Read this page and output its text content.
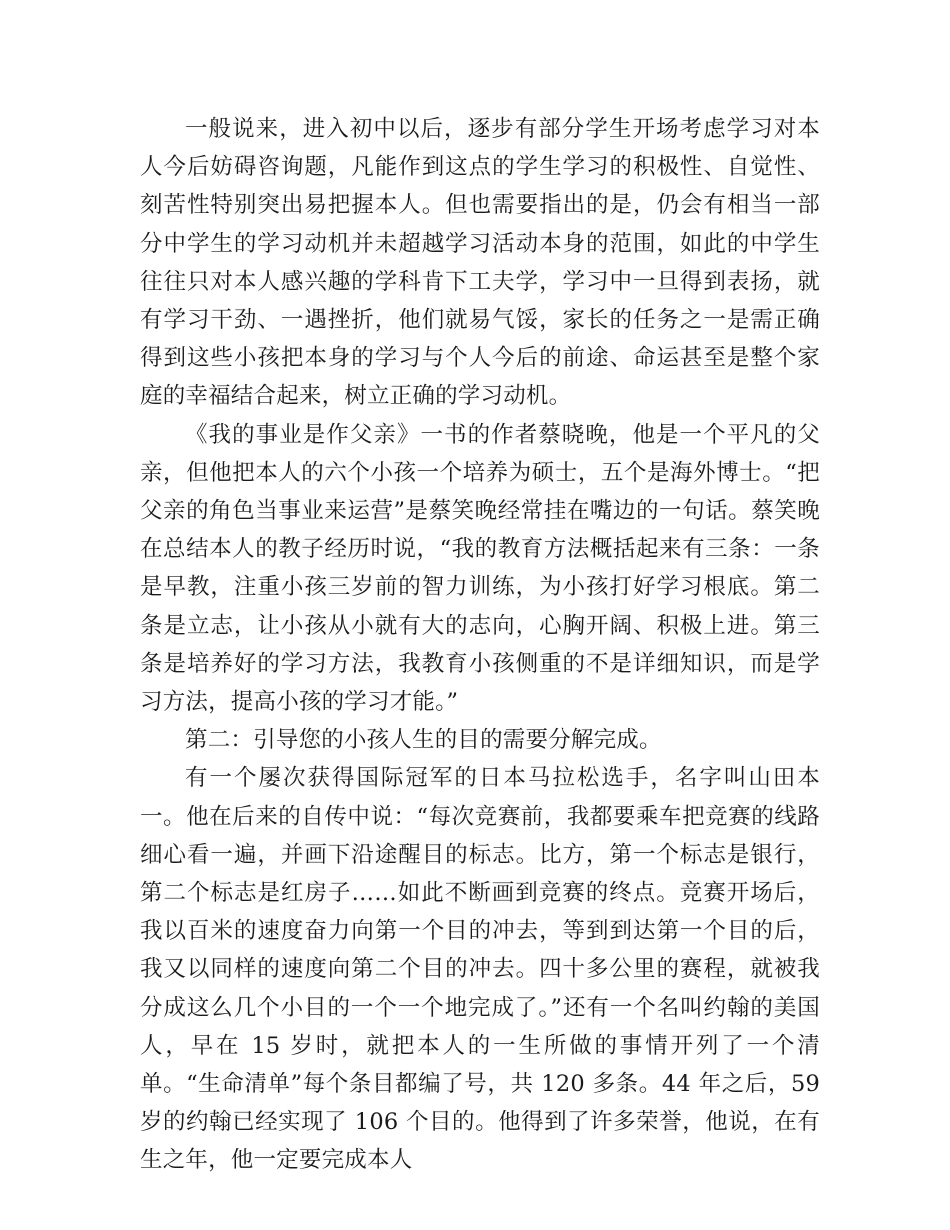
一般说来，进入初中以后，逐步有部分学生开场考虑学习对本人今后妨碍咨询题，凡能作到这点的学生学习的积极性、自觉性、刻苦性特别突出易把握本人。但也需要指出的是，仍会有相当一部分中学生的学习动机并未超越学习活动本身的范围，如此的中学生往往只对本人感兴趣的学科肯下工夫学，学习中一旦得到表扬，就有学习干劲、一遇挫折，他们就易气馁，家长的任务之一是需正确得到这些小孩把本身的学习与个人今后的前途、命运甚至是整个家庭的幸福结合起来，树立正确的学习动机。

《我的事业是作父亲》一书的作者蔡晓晚，他是一个平凡的父亲，但他把本人的六个小孩一个培养为硕士，五个是海外博士。“把父亲的角色当事业来运营”是蔡笑晚经常挂在嘴边的一句话。蔡笑晚在总结本人的教子经历时说，“我的教育方法概括起来有三条：一条是早教，注重小孩三岁前的智力训练，为小孩打好学习根底。第二条是立志，让小孩从小就有大的志向，心胸开阔、积极上进。第三条是培养好的学习方法，我教育小孩侧重的不是详细知识，而是学习方法，提高小孩的学习才能。”

第二：引导您的小孩人生的目的需要分解完成。

有一个屡次获得国际冠军的日本马拉松选手，名字叫山田本一。他在后来的自传中说：“每次竞赛前，我都要乘车把竞赛的线路细心看一遍，并画下沿途醒目的标志。比方，第一个标志是银行，第二个标志是红房子……如此不断画到竞赛的终点。竞赛开场后，我以百米的速度奋力向第一个目的冲去，等到到达第一个目的后，我又以同样的速度向第二个目的冲去。四十多公里的赛程，就被我分成这么几个小目的一个一个地完成了。”还有一个名叫约翰的美国人，早在 15 岁时，就把本人的一生所做的事情开列了一个清单。“生命清单”每个条目都编了号，共 120 多条。44 年之后，59 岁的约翰已经实现了 106 个目的。他得到了许多荣誉，他说，在有生之年，他一定要完成本人
